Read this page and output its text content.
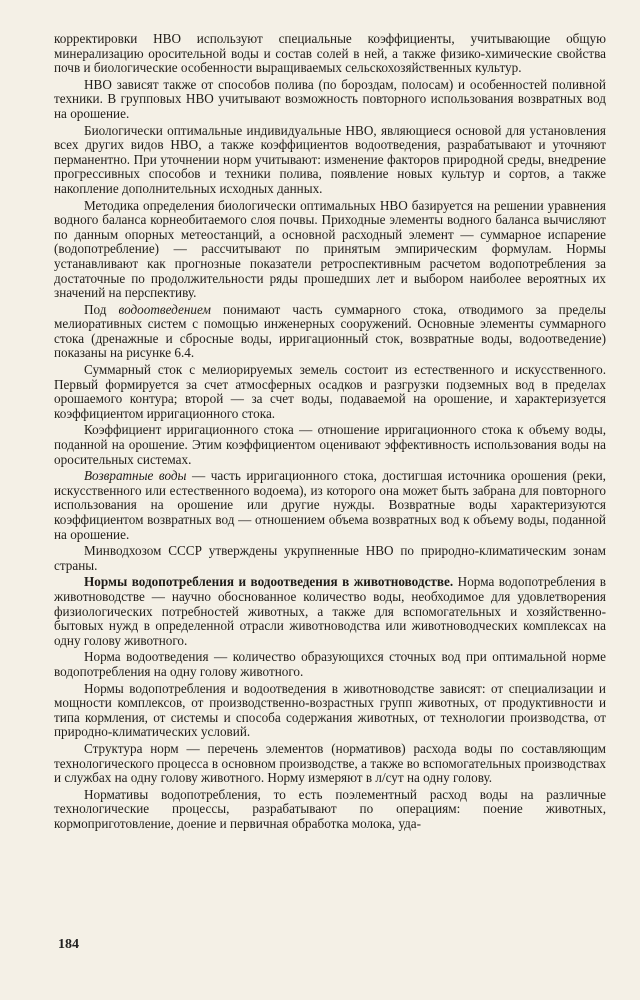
корректировки НВО используют специальные коэффициенты, учитывающие общую минерализацию оросительной воды и состав солей в ней, а также физико-химические свойства почв и биологические особенности выращиваемых сельскохозяйственных культур.

НВО зависят также от способов полива (по бороздам, полосам) и особенностей поливной техники. В групповых НВО учитывают возможность повторного использования возвратных вод на орошение.

Биологически оптимальные индивидуальные НВО, являющиеся основой для установления всех других видов НВО, а также коэффициентов водоотведения, разрабатывают и уточняют перманентно. При уточнении норм учитывают: изменение факторов природной среды, внедрение прогрессивных способов и техники полива, появление новых культур и сортов, а также накопление дополнительных исходных данных.

Методика определения биологически оптимальных НВО базируется на решении уравнения водного баланса корнеобитаемого слоя почвы. Приходные элементы водного баланса вычисляют по данным опорных метеостанций, а основной расходный элемент — суммарное испарение (водопотребление) — рассчитывают по принятым эмпирическим формулам. Нормы устанавливают как прогнозные показатели ретроспективным расчетом водопотребления за достаточные по продолжительности ряды прошедших лет и выбором наиболее вероятных их значений на перспективу.

Под водоотведением понимают часть суммарного стока, отводимого за пределы мелиоративных систем с помощью инженерных сооружений. Основные элементы суммарного стока (дренажные и сбросные воды, ирригационный сток, возвратные воды, водоотведение) показаны на рисунке 6.4.

Суммарный сток с мелиорируемых земель состоит из естественного и искусственного. Первый формируется за счет атмосферных осадков и разгрузки подземных вод в пределах орошаемого контура; второй — за счет воды, подаваемой на орошение, и характеризуется коэффициентом ирригационного стока.

Коэффициент ирригационного стока — отношение ирригационного стока к объему воды, поданной на орошение. Этим коэффициентом оценивают эффективность использования воды на оросительных системах.

Возвратные воды — часть ирригационного стока, достигшая источника орошения (реки, искусственного или естественного водоема), из которого она может быть забрана для повторного использования на орошение или другие нужды. Возвратные воды характеризуются коэффициентом возвратных вод — отношением объема возвратных вод к объему воды, поданной на орошение.

Минводхозом СССР утверждены укрупненные НВО по природно-климатическим зонам страны.

Нормы водопотребления и водоотведения в животноводстве. Норма водопотребления в животноводстве — научно обоснованное количество воды, необходимое для удовлетворения физиологических потребностей животных, а также для вспомогательных и хозяйственно-бытовых нужд в определенной отрасли животноводства или животноводческих комплексах на одну голову животного.

Норма водоотведения — количество образующихся сточных вод при оптимальной норме водопотребления на одну голову животного.

Нормы водопотребления и водоотведения в животноводстве зависят: от специализации и мощности комплексов, от производственно-возрастных групп животных, от продуктивности и типа кормления, от системы и способа содержания животных, от технологии производства, от природно-климатических условий.

Структура норм — перечень элементов (нормативов) расхода воды по составляющим технологического процесса в основном производстве, а также во вспомогательных производствах и службах на одну голову животного. Норму измеряют в л/сут на одну голову.

Нормативы водопотребления, то есть поэлементный расход воды на различные технологические процессы, разрабатывают по операциям: поение животных, кормоприготовление, доение и первичная обработка молока, уда-

184
